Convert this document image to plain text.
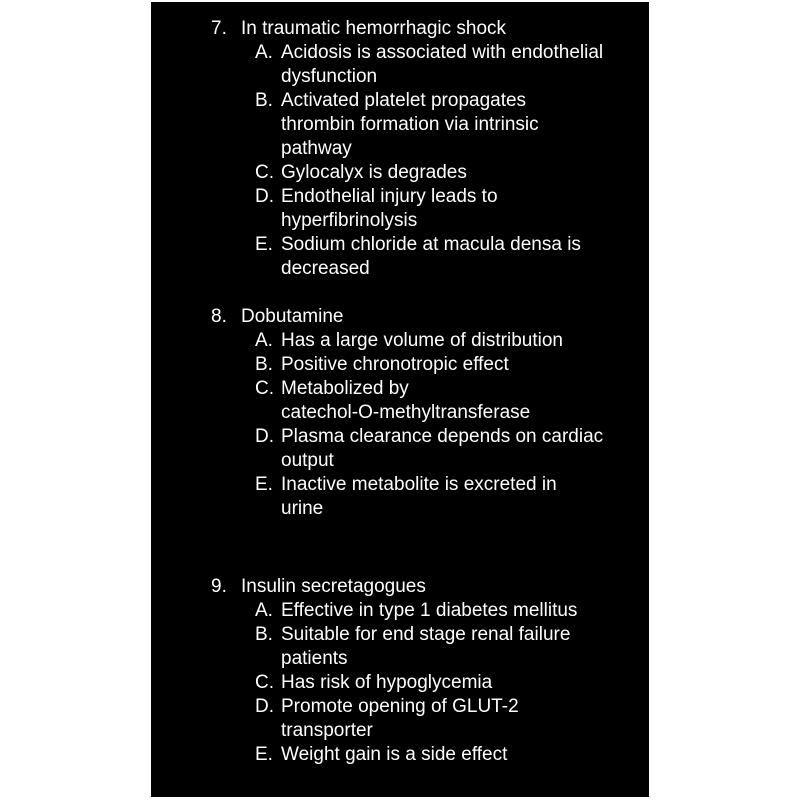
7. In traumatic hemorrhagic shock
A. Acidosis is associated with endothelial
dysfunction
B. Activated platelet propagates
thrombin formation via intrinsic
pathway
C. Gylocalyx is degrades
D. Endothelial injury leads to
hyperfibrinolysis
E. Sodium chloride at macula densa is
decreased
8. Dobutamine
A. Has a large volume of distribution
B. Positive chronotropic effect
C. Metabolized by
catechol-O-methyltransferase
D. Plasma clearance depends on cardiac
output
E. Inactive metabolite is excreted in
urine
9. Insulin secretagogues
A. Effective in type 1 diabetes mellitus
B. Suitable for end stage renal failure
patients
C. Has risk of hypoglycemia
D. Promote opening of GLUT-2
transporter
E. Weight gain is a side effect
